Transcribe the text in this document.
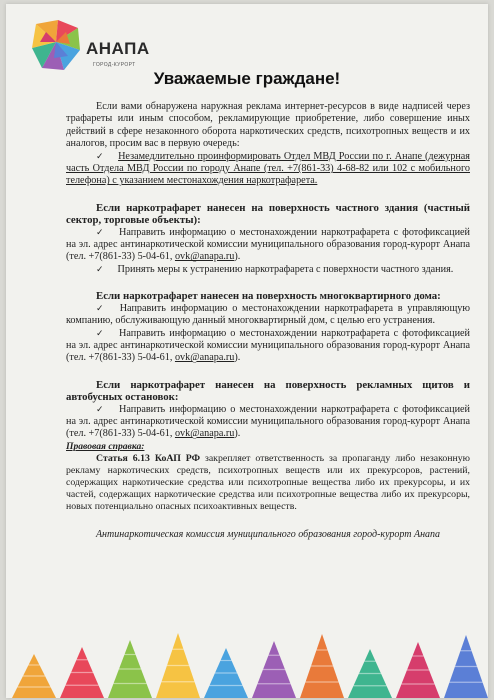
АНАПА
ГОРОД-КУРОРТ
Уважаемые граждане!

Если вами обнаружена наружная реклама интернет-ресурсов в виде надписей через трафареты или иным способом, рекламирующие приобретение, либо совершение иных действий в сфере незаконного оборота наркотических средств, психотропных веществ и их аналогов, просим вас в первую очередь:

✓ Незамедлительно проинформировать Отдел МВД России по г. Анапе (дежурная часть Отдела МВД России по городу Анапе (тел. +7(861-33) 4-68-82 или 102 с мобильного телефона) с указанием местонахождения наркотрафарета.

Если наркотрафарет нанесен на поверхность частного здания (частный сектор, торговые объекты):

✓ Направить информацию о местонахождении наркотрафарета с фотофиксацией на эл. адрес антинаркотической комиссии муниципального образования город-курорт Анапа (тел. +7(861-33) 5-04-61, ovk@anapa.ru).

✓ Принять меры к устранению наркотрафарета с поверхности частного здания.

Если наркотрафарет нанесен на поверхность многоквартирного дома:

✓ Направить информацию о местонахождении наркотрафарета в управляющую компанию, обслуживающую данный многоквартирный дом, с целью его устранения.

✓ Направить информацию о местонахождении наркотрафарета с фотофиксацией на эл. адрес антинаркотической комиссии муниципального образования город-курорт Анапа (тел. +7(861-33) 5-04-61, ovk@anapa.ru).

Если наркотрафарет нанесен на поверхность рекламных щитов и автобусных остановок:

✓ Направить информацию о местонахождении наркотрафарета с фотофиксацией на эл. адрес антинаркотической комиссии муниципального образования город-курорт Анапа (тел. +7(861-33) 5-04-61, ovk@anapa.ru).

Правовая справка:

Статья 6.13 КоАП РФ закрепляет ответственность за пропаганду либо незаконную рекламу наркотических средств, психотропных веществ или их прекурсоров, растений, содержащих наркотические средства или психотропные вещества либо их прекурсоры, и их частей, содержащих наркотические средства или психотропные вещества либо их прекурсоры, новых потенциально опасных психоактивных веществ.

Антинаркотическая комиссия муниципального образования город-курорт Анапа
